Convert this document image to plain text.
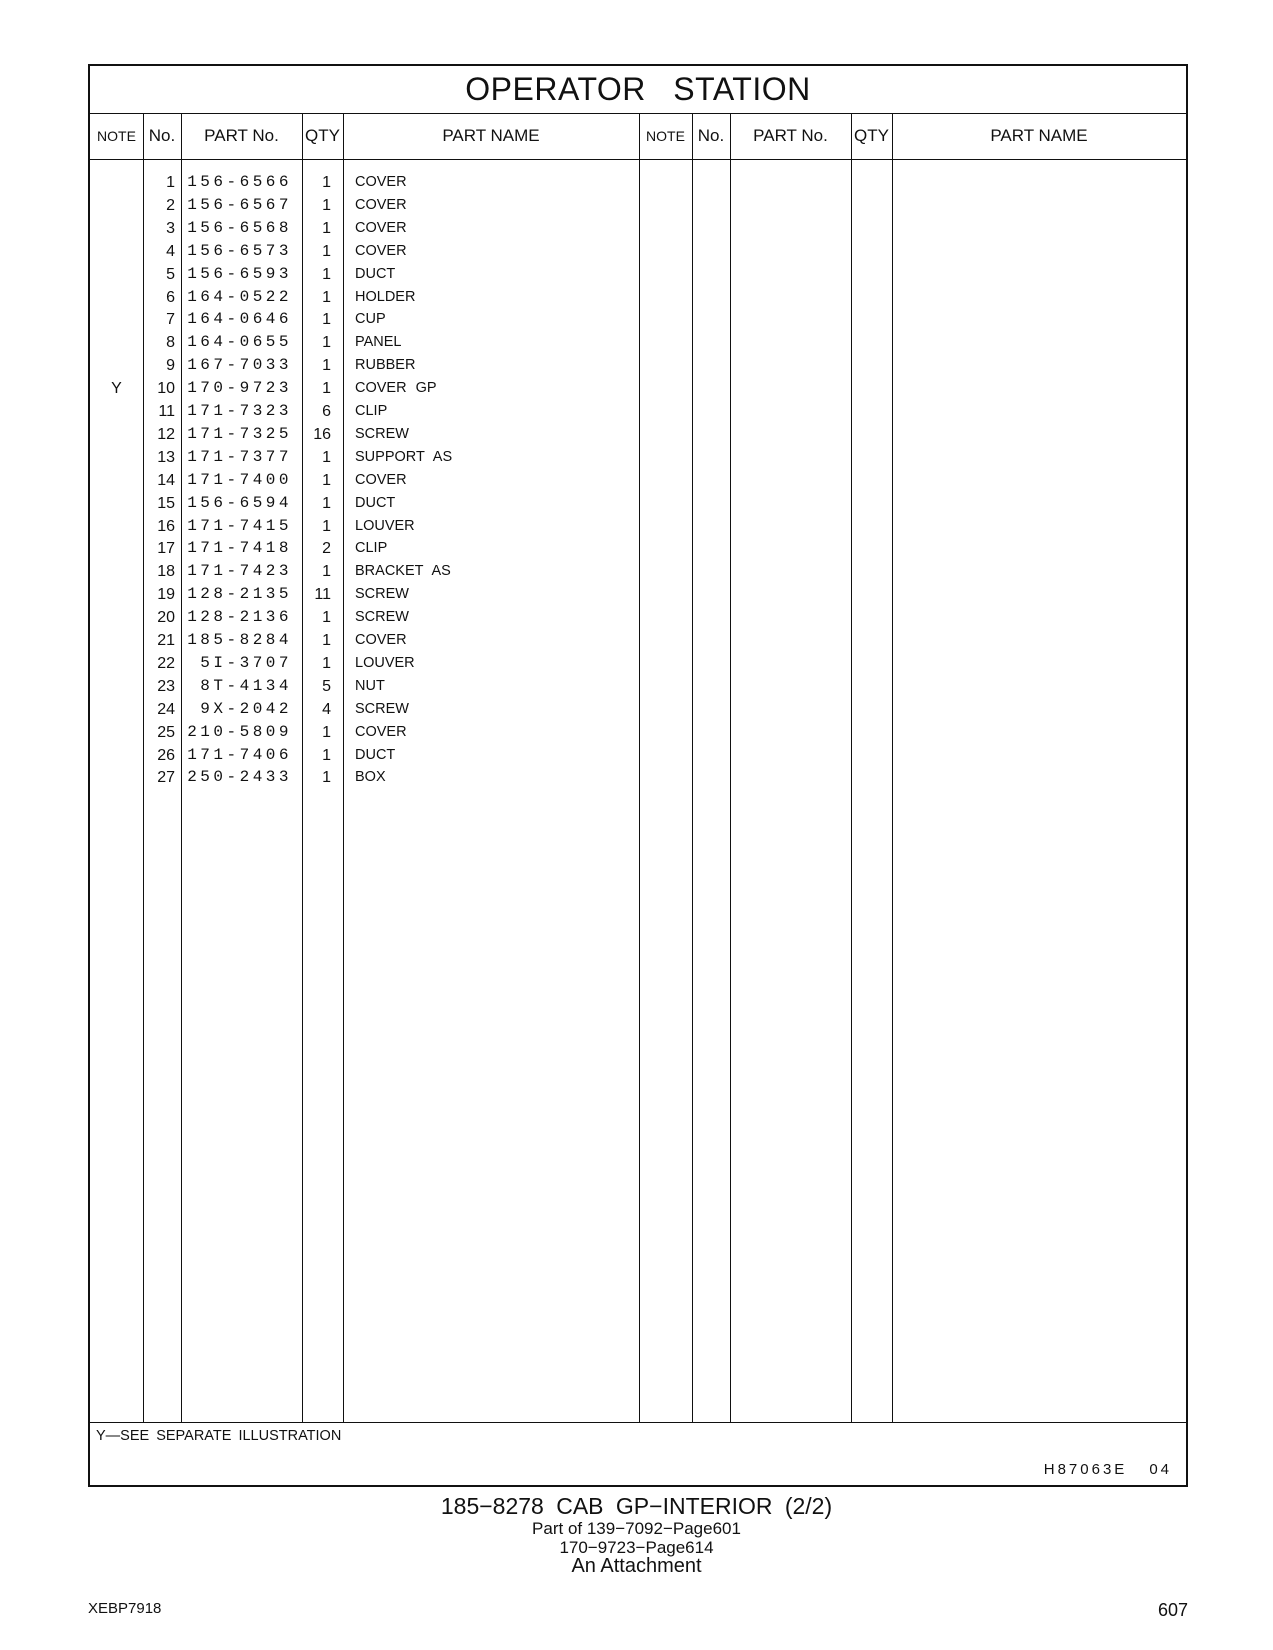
OPERATOR STATION
NOTE No.	PART No.	QTY	PART NAME	NOTE No.	PART No.	QTY	PART NAME
1 156-6566	1 COVER
2 156-6567	1 COVER
3 156-6568	1 COVER
4 156-6573	1 COVER
5 156-6593	1 DUCT
6 164-0522	1 HOLDER
7 164-0646	1 CUP
8 164-0655	1 PANEL
9 167-7033	1 RUBBER
Y	10 170-9723	1 COVER GP
11 171-7323	6 CLIP
12 171-7325	16 SCREW
13 171-7377	1 SUPPORT AS
14 171-7400	1 COVER
15 156-6594	1 DUCT
16 171-7415	1 LOUVER
17 171-7418	2 CLIP
18 171-7423	1 BRACKET AS
19 128-2135	11 SCREW
20 128-2136	1 SCREW
21 185-8284	1 COVER
22	5I-3707	1 LOUVER
23	8T-4134	5 NUT
24	9X-2042	4 SCREW
25 210-5809	1 COVER
26 171-7406	1 DUCT
27 250-2433	1 BOX
Y—SEE SEPARATE ILLUSTRATION
H87063E 04
185−8278 CAB GP−INTERIOR (2/2)
Part of 139−7092−Page601
170−9723−Page614
An Attachment
XEBP7918	607
